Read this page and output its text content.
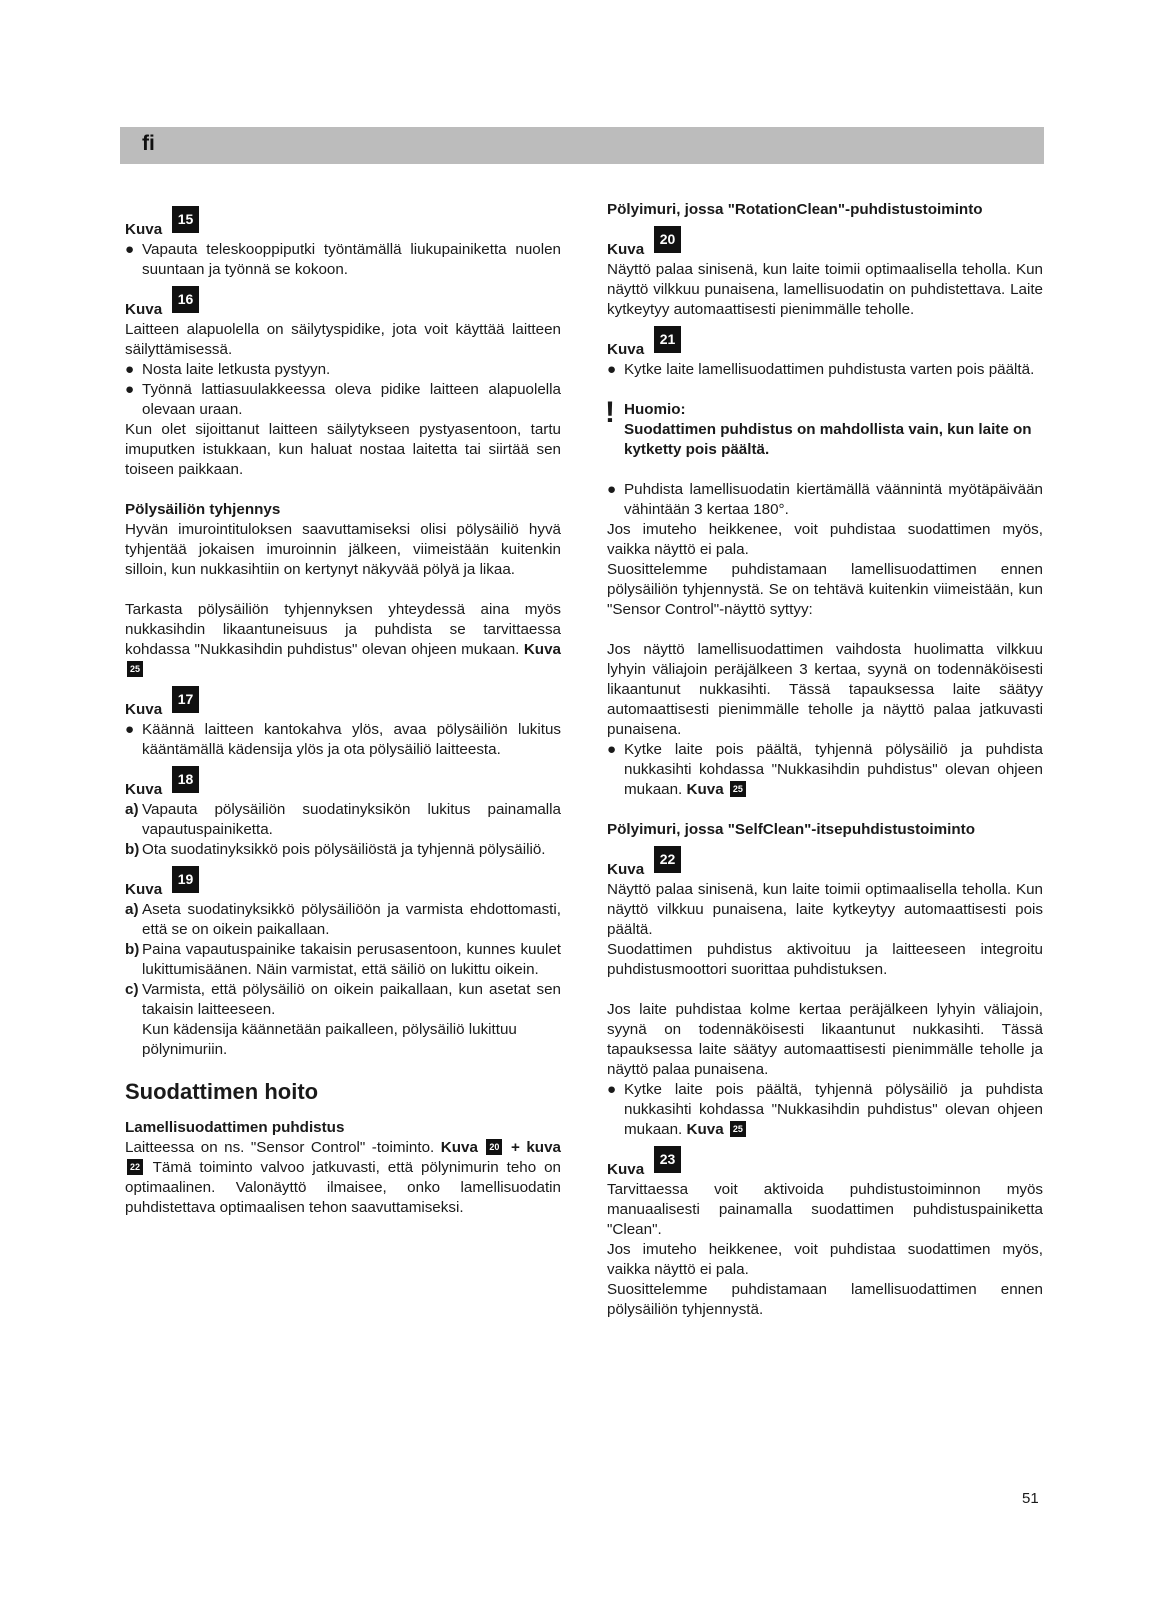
fi
Kuva
15
● Vapauta teleskooppiputki työntämällä liukupainiketta nuolen suuntaan ja työnnä se kokoon.
Kuva
16

Laitteen alapuolella on säilytyspidike, jota voit käyttää laitteen säilyttämisessä.

● Nosta laite letkusta pystyyn.
● Työnnä lattiasuulakkeessa oleva pidike laitteen alapuolella olevaan uraan.

Kun olet sijoittanut laitteen säilytykseen pystyasentoon, tartu imuputken istukkaan, kun haluat nostaa laitetta tai siirtää sen toiseen paikkaan.

Pölysäiliön tyhjennys

Hyvän imurointituloksen saavuttamiseksi olisi pölysäiliö hyvä tyhjentää jokaisen imuroinnin jälkeen, viimeistään kuitenkin silloin, kun nukkasihtiin on kertynyt näkyvää pölyä ja likaa.

Tarkasta pölysäiliön tyhjennyksen yhteydessä aina myös nukkasihdin likaantuneisuus ja puhdista se tarvittaessa kohdassa "Nukkasihdin puhdistus" olevan ohjeen mukaan. Kuva 25

Kuva
17
● Käännä laitteen kantokahva ylös, avaa pölysäiliön lukitus kääntämällä kädensija ylös ja ota pölysäiliö laitteesta.
Kuva
18
a) Vapauta pölysäiliön suodatinyksikön lukitus painamalla vapautuspainiketta.
b) Ota suodatinyksikkö pois pölysäiliöstä ja tyhjennä pölysäiliö.
Kuva
19
a) Aseta suodatinyksikkö pölysäiliöön ja varmista ehdottomasti, että se on oikein paikallaan.
b) Paina vapautuspainike takaisin perusasentoon, kunnes kuulet lukittumisäänen. Näin varmistat, että säiliö on lukittu oikein.
c) Varmista, että pölysäiliö on oikein paikallaan, kun asetat sen takaisin laitteeseen.
Kun kädensija käännetään paikalleen, pölysäiliö lukittuu pölynimuriin.
Suodattimen hoito

Lamellisuodattimen puhdistus

Laitteessa on ns. "Sensor Control" -toiminto. Kuva 20 + kuva 22 Tämä toiminto valvoo jatkuvasti, että pölynimurin teho on optimaalinen. Valonäyttö ilmaisee, onko lamellisuodatin puhdistettava optimaalisen tehon saavuttamiseksi.

Pölyimuri, jossa "RotationClean"-puhdistustoiminto

Kuva
20

Näyttö palaa sinisenä, kun laite toimii optimaalisella teholla. Kun näyttö vilkkuu punaisena, lamellisuodatin on puhdistettava. Laite kytkeytyy automaattisesti pienimmälle teholle.

Kuva
21
● Kytke laite lamellisuodattimen puhdistusta varten pois päältä.
! Huomio:
Suodattimen puhdistus on mahdollista vain, kun laite on kytketty pois päältä.
● Puhdista lamellisuodatin kiertämällä väännintä myötäpäivään vähintään 3 kertaa 180°.

Jos imuteho heikkenee, voit puhdistaa suodattimen myös, vaikka näyttö ei pala.

Suosittelemme puhdistamaan lamellisuodattimen ennen pölysäiliön tyhjennystä. Se on tehtävä kuitenkin viimeistään, kun "Sensor Control"-näyttö syttyy:

Jos näyttö lamellisuodattimen vaihdosta huolimatta vilkkuu lyhyin väliajoin peräjälkeen 3 kertaa, syynä on todennäköisesti likaantunut nukkasihti. Tässä tapauksessa laite säätyy automaattisesti pienimmälle teholle ja näyttö palaa jatkuvasti punaisena.

● Kytke laite pois päältä, tyhjennä pölysäiliö ja puhdista nukkasihti kohdassa "Nukkasihdin puhdistus" olevan ohjeen mukaan. Kuva 25

Pölyimuri, jossa "SelfClean"-itsepuhdistustoiminto

Kuva
22

Näyttö palaa sinisenä, kun laite toimii optimaalisella teholla. Kun näyttö vilkkuu punaisena, laite kytkeytyy automaattisesti pois päältä.

Suodattimen puhdistus aktivoituu ja laitteeseen integroitu puhdistusmoottori suorittaa puhdistuksen.

Jos laite puhdistaa kolme kertaa peräjälkeen lyhyin väliajoin, syynä on todennäköisesti likaantunut nukkasihti. Tässä tapauksessa laite säätyy automaattisesti pienimmälle teholle ja näyttö palaa punaisena.

● Kytke laite pois päältä, tyhjennä pölysäiliö ja puhdista nukkasihti kohdassa "Nukkasihdin puhdistus" olevan ohjeen mukaan. Kuva 25
Kuva
23

Tarvittaessa voit aktivoida puhdistustoiminnon myös manuaalisesti painamalla suodattimen puhdistuspainiketta "Clean".

Jos imuteho heikkenee, voit puhdistaa suodattimen myös, vaikka näyttö ei pala.

Suosittelemme puhdistamaan lamellisuodattimen ennen pölysäiliön tyhjennystä.

51
